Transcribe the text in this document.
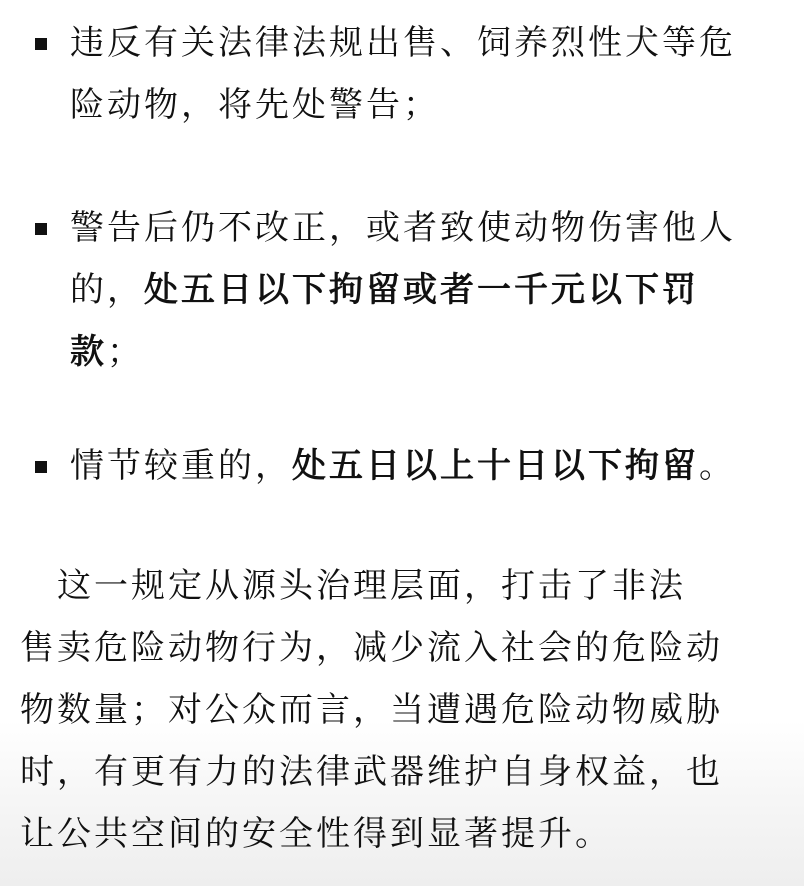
违反有关法律法规出售、饲养烈性犬等危
险动物，将先处警告；
警告后仍不改正，或者致使动物伤害他人
的，处五日以下拘留或者一千元以下罚
款；
情节较重的，处五日以上十日以下拘留。
　这一规定从源头治理层面，打击了非法
售卖危险动物行为，减少流入社会的危险动
物数量；对公众而言，当遭遇危险动物威胁
时，有更有力的法律武器维护自身权益，也
让公共空间的安全性得到显著提升。
